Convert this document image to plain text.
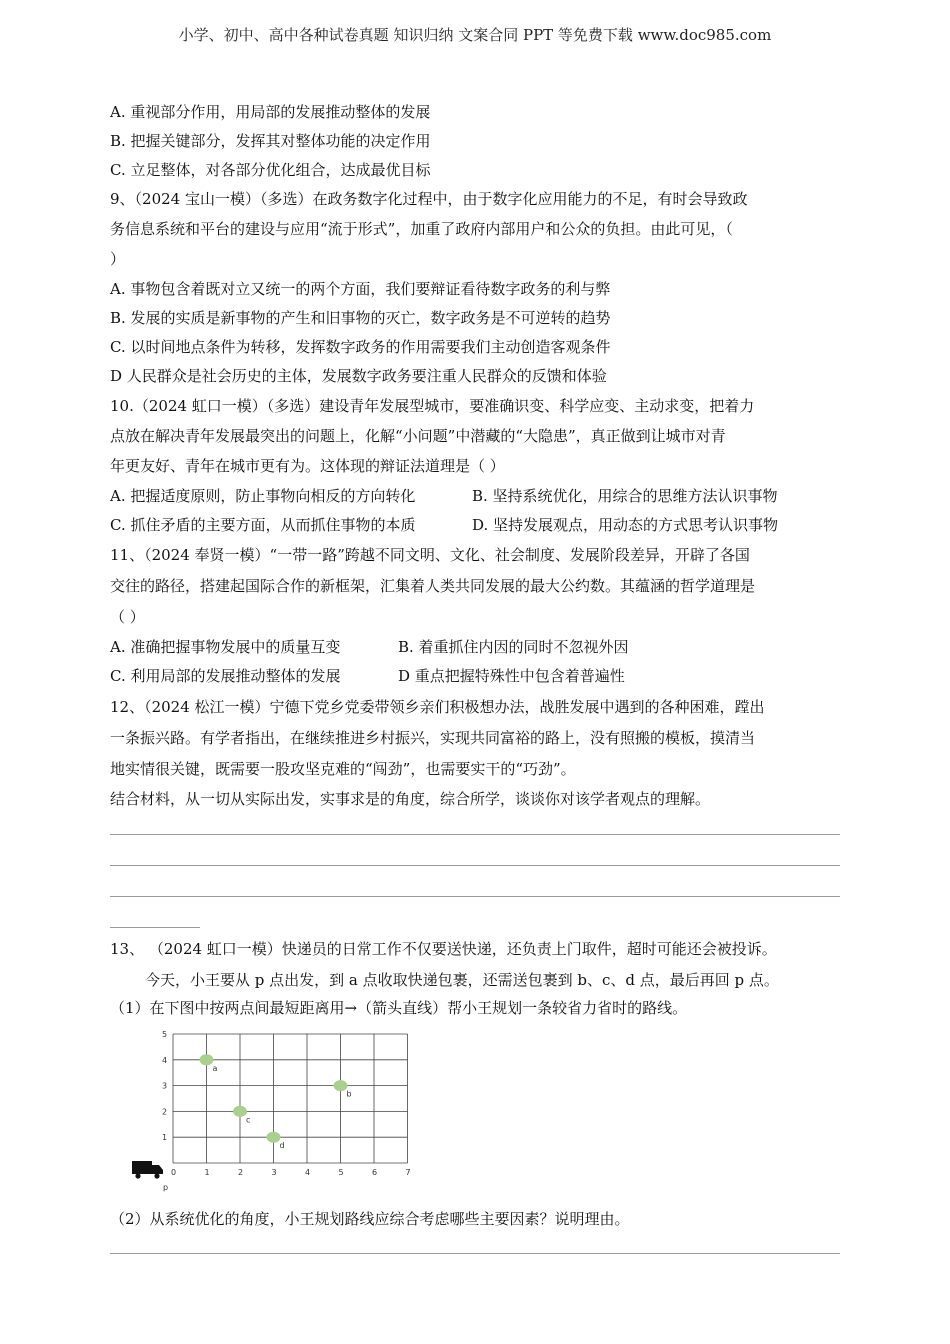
小学、初中、高中各种试卷真题 知识归纳 文案合同 PPT 等免费下载 www.doc985.com
A. 重视部分作用，用局部的发展推动整体的发展
B. 把握关键部分，发挥其对整体功能的决定作用
C. 立足整体，对各部分优化组合，达成最优目标
9、（2024 宝山一模）（多选）在政务数字化过程中，由于数字化应用能力的不足，有时会导致政
务信息系统和平台的建设与应用“流于形式”，加重了政府内部用户和公众的负担。由此可见，（
）
A. 事物包含着既对立又统一的两个方面，我们要辩证看待数字政务的利与弊
B. 发展的实质是新事物的产生和旧事物的灭亡，数字政务是不可逆转的趋势
C. 以时间地点条件为转移，发挥数字政务的作用需要我们主动创造客观条件
D 人民群众是社会历史的主体，发展数字政务要注重人民群众的反馈和体验
10.（2024 虹口一模）（多选）建设青年发展型城市，要准确识变、科学应变、主动求变，把着力
点放在解决青年发展最突出的问题上，化解“小问题”中潜藏的“大隐患”，真正做到让城市对青
年更友好、青年在城市更有为。这体现的辩证法道理是（ ）
A. 把握适度原则，防止事物向相反的方向转化	B. 坚持系统优化，用综合的思维方法认识事物
C. 抓住矛盾的主要方面，从而抓住事物的本质	D. 坚持发展观点，用动态的方式思考认识事物
11、（2024 奉贤一模）“一带一路”跨越不同文明、文化、社会制度、发展阶段差异，开辟了各国
交往的路径，搭建起国际合作的新框架，汇集着人类共同发展的最大公约数。其蕴涵的哲学道理是
（ ）
A. 准确把握事物发展中的质量互变	B. 着重抓住内因的同时不忽视外因
C. 利用局部的发展推动整体的发展	D 重点把握特殊性中包含着普遍性
12、（2024 松江一模）宁德下党乡党委带领乡亲们积极想办法，战胜发展中遇到的各种困难，蹚出
一条振兴路。有学者指出，在继续推进乡村振兴，实现共同富裕的路上，没有照搬的模板，摸清当
地实情很关键，既需要一股攻坚克难的“闯劲”，也需要实干的“巧劲”。
结合材料，从一切从实际出发，实事求是的角度，综合所学，谈谈你对该学者观点的理解。
13、 （2024 虹口一模）快递员的日常工作不仅要送快递，还负责上门取件，超时可能还会被投诉。
今天，小王要从 p 点出发，到 a 点收取快递包裹，还需送包裹到 b、c、d 点，最后再回 p 点。
（1）在下图中按两点间最短距离用→（箭头直线）帮小王规划一条较省力省时的路线。
0	1	2	3	4	5	6	7
1
2
3
4
5
a
b
c
d
p
（2）从系统优化的角度，小王规划路线应综合考虑哪些主要因素？说明理由。
